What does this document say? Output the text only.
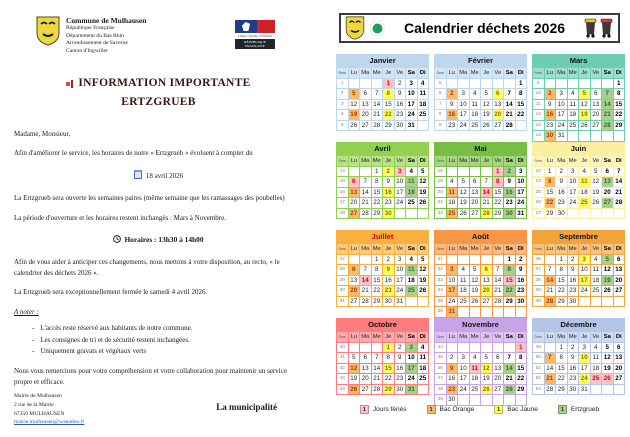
Commune de Mulhausen
République Française
Département du Bas Rhin
Arrondissement de Saverne
Canton d'Ingwiller
Liberté • Égalité • Fraternité
RÉPUBLIQUE FRANÇAISE
INFORMATION IMPORTANTE
ERTZGRUEB

Madame, Monsieur,

Afin d'améliorer le service, les horaires de notre « Ertzgrueb » évoluent à compter du

18 avril 2026

La Ertzgrueb sera ouverte les semaines paires (même semaine que les ramassages des poubelles)

La période d'ouverture et les horaires restent inchangés : Mars à Novembre.

Horaires : 13h30 à 14h00

Afin de vous aider à anticiper ces changements, nous mettons à votre disposition, au recto, « le calendrier des déchets 2026 ».

La Ertzgrueb sera exceptionnellement fermée le samedi 4 avril 2026.

A noter :
- L'accès reste réservé aux habitants de notre commune.
- Les consignes de tri et de sécurité restent inchangées.
- Uniquement gravats et végétaux verts

Nous vous remercions pour votre compréhension et votre collaboration pour maintenir un service propre et efficace.

La municipalité
Mairie de Mulhausen
2 rue de la Mairie
67350 MULHAUSEN
mairie.mulhausen@wanadoo.fr
Calendrier déchets 2026
Janvier
Sem	Lu	Ma	Me	Je	Ve	Sa	Di
1				1	2	3	4
2	5	6	7	8	9	10	11
3	12	13	14	15	16	17	18
4	19	20	21	22	23	24	25
5	26	27	28	29	30	31	
Février
Sem	Lu	Ma	Me	Je	Ve	Sa	Di
5							1
6	2	3	4	5	6	7	8
7	9	10	11	12	13	14	15
8	16	17	18	19	20	21	22
9	23	24	25	26	27	28	
Mars
Sem	Lu	Ma	Me	Je	Ve	Sa	Di
9							1
10	2	3	4	5	6	7	8
11	9	10	11	12	13	14	15
12	16	17	18	19	20	21	22
13	23	24	25	26	27	28	29
14	30	31					
Avril
Sem	Lu	Ma	Me	Je	Ve	Sa	Di
14			1	2	3	4	5
15	6	7	8	9	10	11	12
16	13	14	15	16	17	18	19
17	20	21	22	23	24	25	26
18	27	28	29	30			
Mai
Sem	Lu	Ma	Me	Je	Ve	Sa	Di
18					1	2	3
19	4	5	6	7	8	9	10
20	11	12	13	14	15	16	17
21	18	19	20	21	22	23	24
22	25	26	27	28	29	30	31
Juin
Sem	Lu	Ma	Me	Je	Ve	Sa	Di
23	1	2	3	4	5	6	7
24	8	9	10	11	12	13	14
25	15	16	17	18	19	20	21
26	22	23	24	25	26	27	28
27	29	30					
Juillet
Sem	Lu	Ma	Me	Je	Ve	Sa	Di
27			1	2	3	4	5
28	6	7	8	9	10	11	12
29	13	14	15	16	17	18	19
30	20	21	22	23	24	25	26
31	27	28	29	30	31		
Août
Sem	Lu	Ma	Me	Je	Ve	Sa	Di
31						1	2
32	3	4	5	6	7	8	9
33	10	11	12	13	14	15	16
34	17	18	19	20	21	22	23
35	24	25	26	27	28	29	30
36	31						
Septembre
Sem	Lu	Ma	Me	Je	Ve	Sa	Di
36		1	2	3	4	5	6
37	7	8	9	10	11	12	13
38	14	15	16	17	18	19	20
39	21	22	23	24	25	26	27
40	28	29	30				
Octobre
Sem	Lu	Ma	Me	Je	Ve	Sa	Di
40				1	2	3	4
41	5	6	7	8	9	10	11
42	12	13	14	15	16	17	18
43	19	20	21	22	23	24	25
44	26	27	28	29	30	31	
Novembre
Sem	Lu	Ma	Me	Je	Ve	Sa	Di
44							1
45	2	3	4	5	6	7	8
46	9	10	11	12	13	14	15
47	16	17	18	19	20	21	22
48	23	24	25	26	27	28	29
49	30						
Décembre
Sem	Lu	Ma	Me	Je	Ve	Sa	Di
49		1	2	3	4	5	6
50	7	8	9	10	11	12	13
51	14	15	16	17	18	19	20
52	21	22	23	24	25	26	27
53	28	29	30	31			
1	Jours fériés	1	Bac Orange	1	Bac Jaune	1	Ertzgrueb
